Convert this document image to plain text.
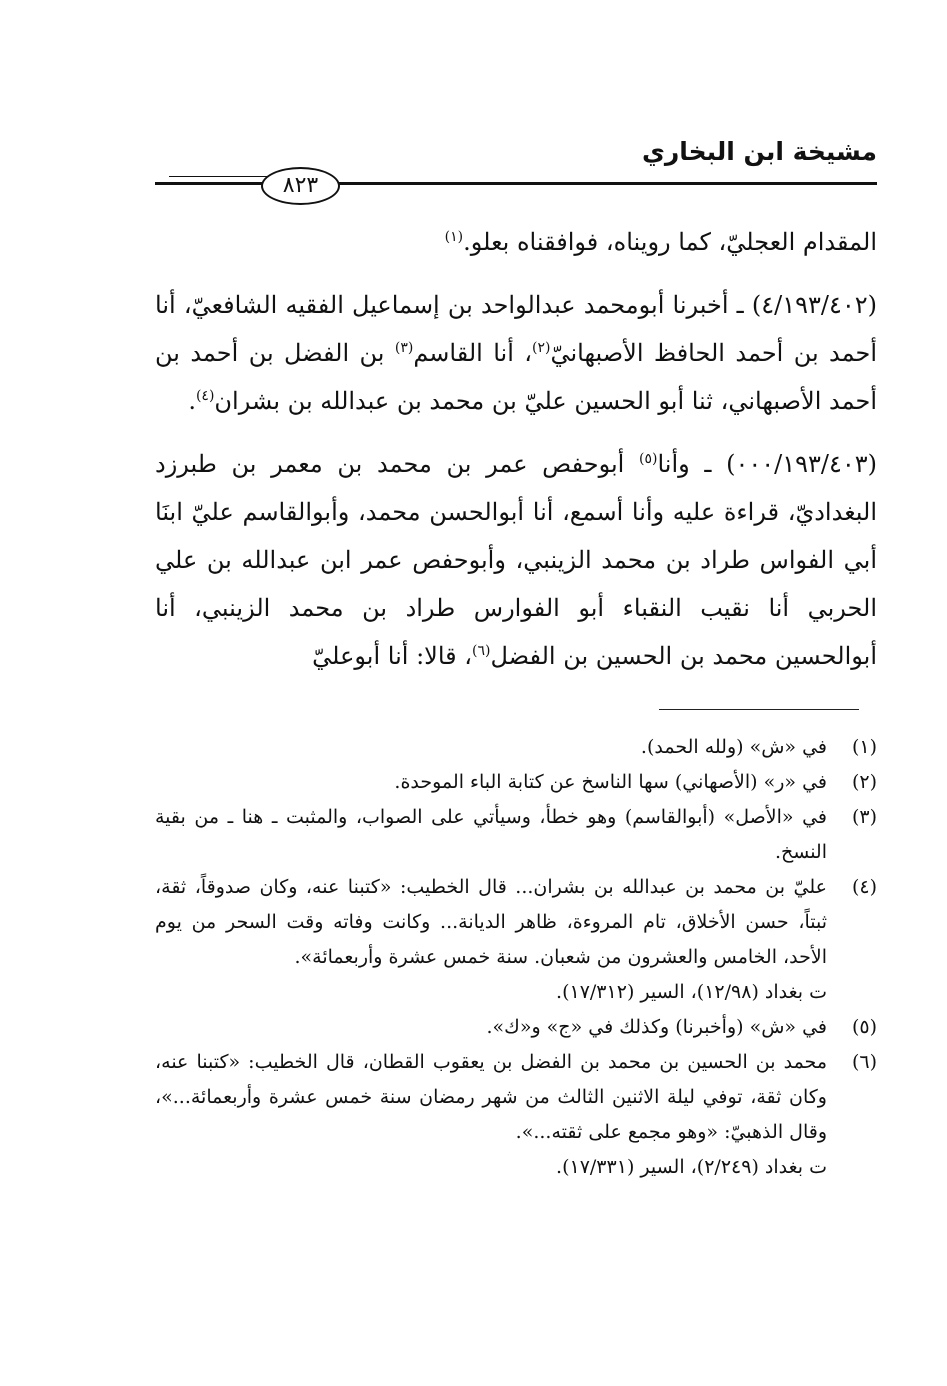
مشيخة ابن البخاري
٨٢٣

المقدام العجليّ، كما رويناه، فوافقناه بعلو.$^{(١)}$

(٤/١٩٣/٤٠٢) ـ أخبرنا أبومحمد عبدالواحد بن إسماعيل الفقيه الشافعيّ، أنا أحمد بن أحمد الحافظ الأصبهانيّ$^{(٢)}$، أنا القاسم$^{(٣)}$ بن الفضل بن أحمد بن أحمد الأصبهاني، ثنا أبو الحسين عليّ بن محمد بن عبدالله بن بشران$^{(٤)}$.

(٠٠٠/١٩٣/٤٠٣) ـ وأنا$^{(٥)}$ أبوحفص عمر بن محمد بن معمر بن طبرزد البغداديّ، قراءة عليه وأنا أسمع، أنا أبوالحسن محمد، وأبوالقاسم عليّ ابنَا أبي الفواس طراد بن محمد الزينبي، وأبوحفص عمر ابن عبدالله بن علي الحربي أنا نقيب النقباء أبو الفوارس طراد بن محمد الزينبي، أنا أبوالحسين محمد بن الحسين بن الفضل$^{(٦)}$، قالا: أنا أبوعليّ

(١)
في «ش» (ولله الحمد).
(٢)
في «ر» (الأصهاني) سها الناسخ عن كتابة الباء الموحدة.
(٣)
في «الأصل» (أبوالقاسم) وهو خطأ، وسيأتي على الصواب، والمثبت ـ هنا ـ من بقية النسخ.
(٤)
عليّ بن محمد بن عبدالله بن بشران... قال الخطيب: «كتبنا عنه، وكان صدوقاً، ثقة، ثبتاً، حسن الأخلاق، تام المروءة، ظاهر الديانة... وكانت وفاته وقت السحر من يوم الأحد، الخامس والعشرون من شعبان. سنة خمس عشرة وأربعمائة».
ت بغداد (١٢/٩٨)، السير (١٧/٣١٢).
(٥)
في «ش» (وأخبرنا) وكذلك في «ج» و«ك».
(٦)
محمد بن الحسين بن محمد بن الفضل بن يعقوب القطان، قال الخطيب: «كتبنا عنه، وكان ثقة، توفي ليلة الاثنين الثالث من شهر رمضان سنة خمس عشرة وأربعمائة...»، وقال الذهبيّ: «وهو مجمع على ثقته...».
ت بغداد (٢/٢٤٩)، السير (١٧/٣٣١).
